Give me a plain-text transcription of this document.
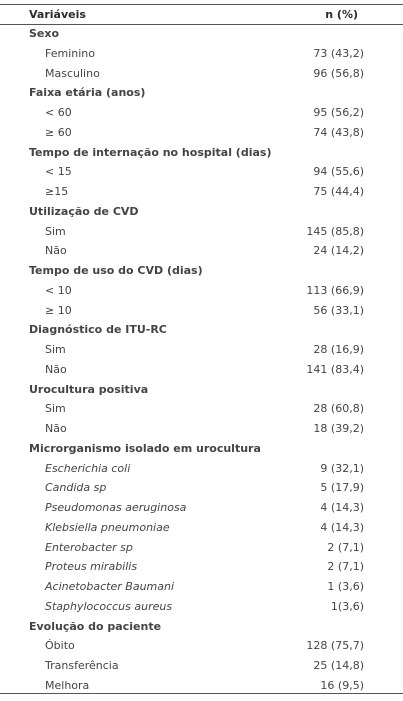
Variáveis	n (%)
Sexo
Feminino	73 (43,2)
Masculino	96 (56,8)
Faixa etária (anos)
< 60	95 (56,2)
≥ 60	74 (43,8)
Tempo de internação no hospital (dias)
< 15	94 (55,6)
≥15	75 (44,4)
Utilização de CVD
Sim	145 (85,8)
Não	24 (14,2)
Tempo de uso do CVD (dias)
< 10	113 (66,9)
≥ 10	56 (33,1)
Diagnóstico de ITU-RC
Sim	28 (16,9)
Não	141 (83,4)
Urocultura positiva
Sim	28 (60,8)
Não	18 (39,2)
Microrganismo isolado em urocultura
Escherichia coli	9 (32,1)
Candida sp	5 (17,9)
Pseudomonas aeruginosa	4 (14,3)
Klebsiella pneumoniae	4 (14,3)
Enterobacter sp	2 (7,1)
Proteus mirabilis	2 (7,1)
Acinetobacter Baumani	1 (3,6)
Staphylococcus aureus	1(3,6)
Evolução do paciente
Óbito	128 (75,7)
Transferência	25 (14,8)
Melhora	16 (9,5)
